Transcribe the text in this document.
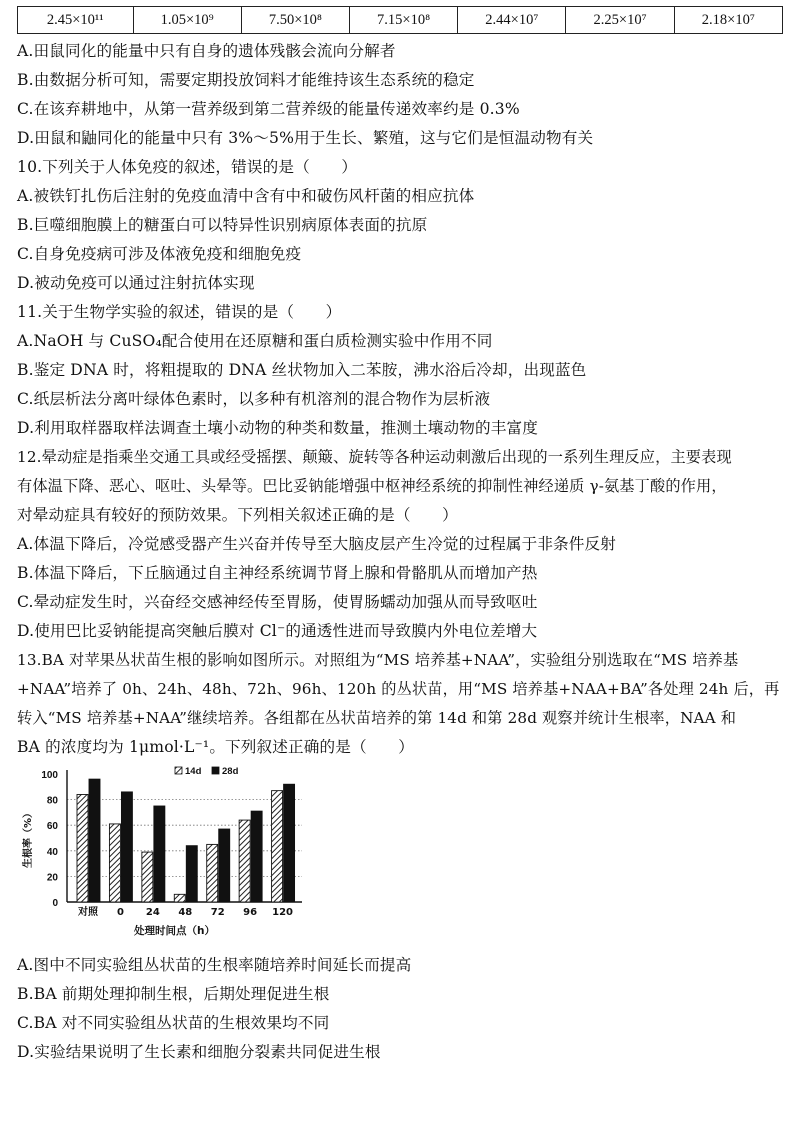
2.45×10¹¹	1.05×10⁹	7.50×10⁸	7.15×10⁸	2.44×10⁷	2.25×10⁷	2.18×10⁷
A.田鼠同化的能量中只有自身的遗体残骸会流向分解者
B.由数据分析可知，需要定期投放饲料才能维持该生态系统的稳定
C.在该弃耕地中，从第一营养级到第二营养级的能量传递效率约是 0.3%
D.田鼠和鼬同化的能量中只有 3%～5%用于生长、繁殖，这与它们是恒温动物有关
10.下列关于人体免疫的叙述，错误的是（　　）
A.被铁钉扎伤后注射的免疫血清中含有中和破伤风杆菌的相应抗体
B.巨噬细胞膜上的糖蛋白可以特异性识别病原体表面的抗原
C.自身免疫病可涉及体液免疫和细胞免疫
D.被动免疫可以通过注射抗体实现
11.关于生物学实验的叙述，错误的是（　　）
A.NaOH 与 CuSO₄配合使用在还原糖和蛋白质检测实验中作用不同
B.鉴定 DNA 时，将粗提取的 DNA 丝状物加入二苯胺，沸水浴后冷却，出现蓝色
C.纸层析法分离叶绿体色素时，以多种有机溶剂的混合物作为层析液
D.利用取样器取样法调查土壤小动物的种类和数量，推测土壤动物的丰富度
12.晕动症是指乘坐交通工具或经受摇摆、颠簸、旋转等各种运动刺激后出现的一系列生理反应，主要表现
有体温下降、恶心、呕吐、头晕等。巴比妥钠能增强中枢神经系统的抑制性神经递质 γ-氨基丁酸的作用，
对晕动症具有较好的预防效果。下列相关叙述正确的是（　　）
A.体温下降后，冷觉感受器产生兴奋并传导至大脑皮层产生冷觉的过程属于非条件反射
B.体温下降后，下丘脑通过自主神经系统调节肾上腺和骨骼肌从而增加产热
C.晕动症发生时，兴奋经交感神经传至胃肠，使胃肠蠕动加强从而导致呕吐
D.使用巴比妥钠能提高突触后膜对 Cl⁻的通透性进而导致膜内外电位差增大
13.BA 对苹果丛状苗生根的影响如图所示。对照组为“MS 培养基+NAA”，实验组分别选取在“MS 培养基
+NAA”培养了 0h、24h、48h、72h、96h、120h 的丛状苗，用“MS 培养基+NAA+BA”各处理 24h 后，再
转入“MS 培养基+NAA”继续培养。各组都在丛状苗培养的第 14d 和第 28d 观察并统计生根率，NAA 和
BA 的浓度均为 1μmol·L⁻¹。下列叙述正确的是（　　）
0
20
40
60
80
100
生根率（%）
对照 0 24 48 72 96 120
处理时间点（h）
14d 28d
A.图中不同实验组丛状苗的生根率随培养时间延长而提高
B.BA 前期处理抑制生根，后期处理促进生根
C.BA 对不同实验组丛状苗的生根效果均不同
D.实验结果说明了生长素和细胞分裂素共同促进生根
